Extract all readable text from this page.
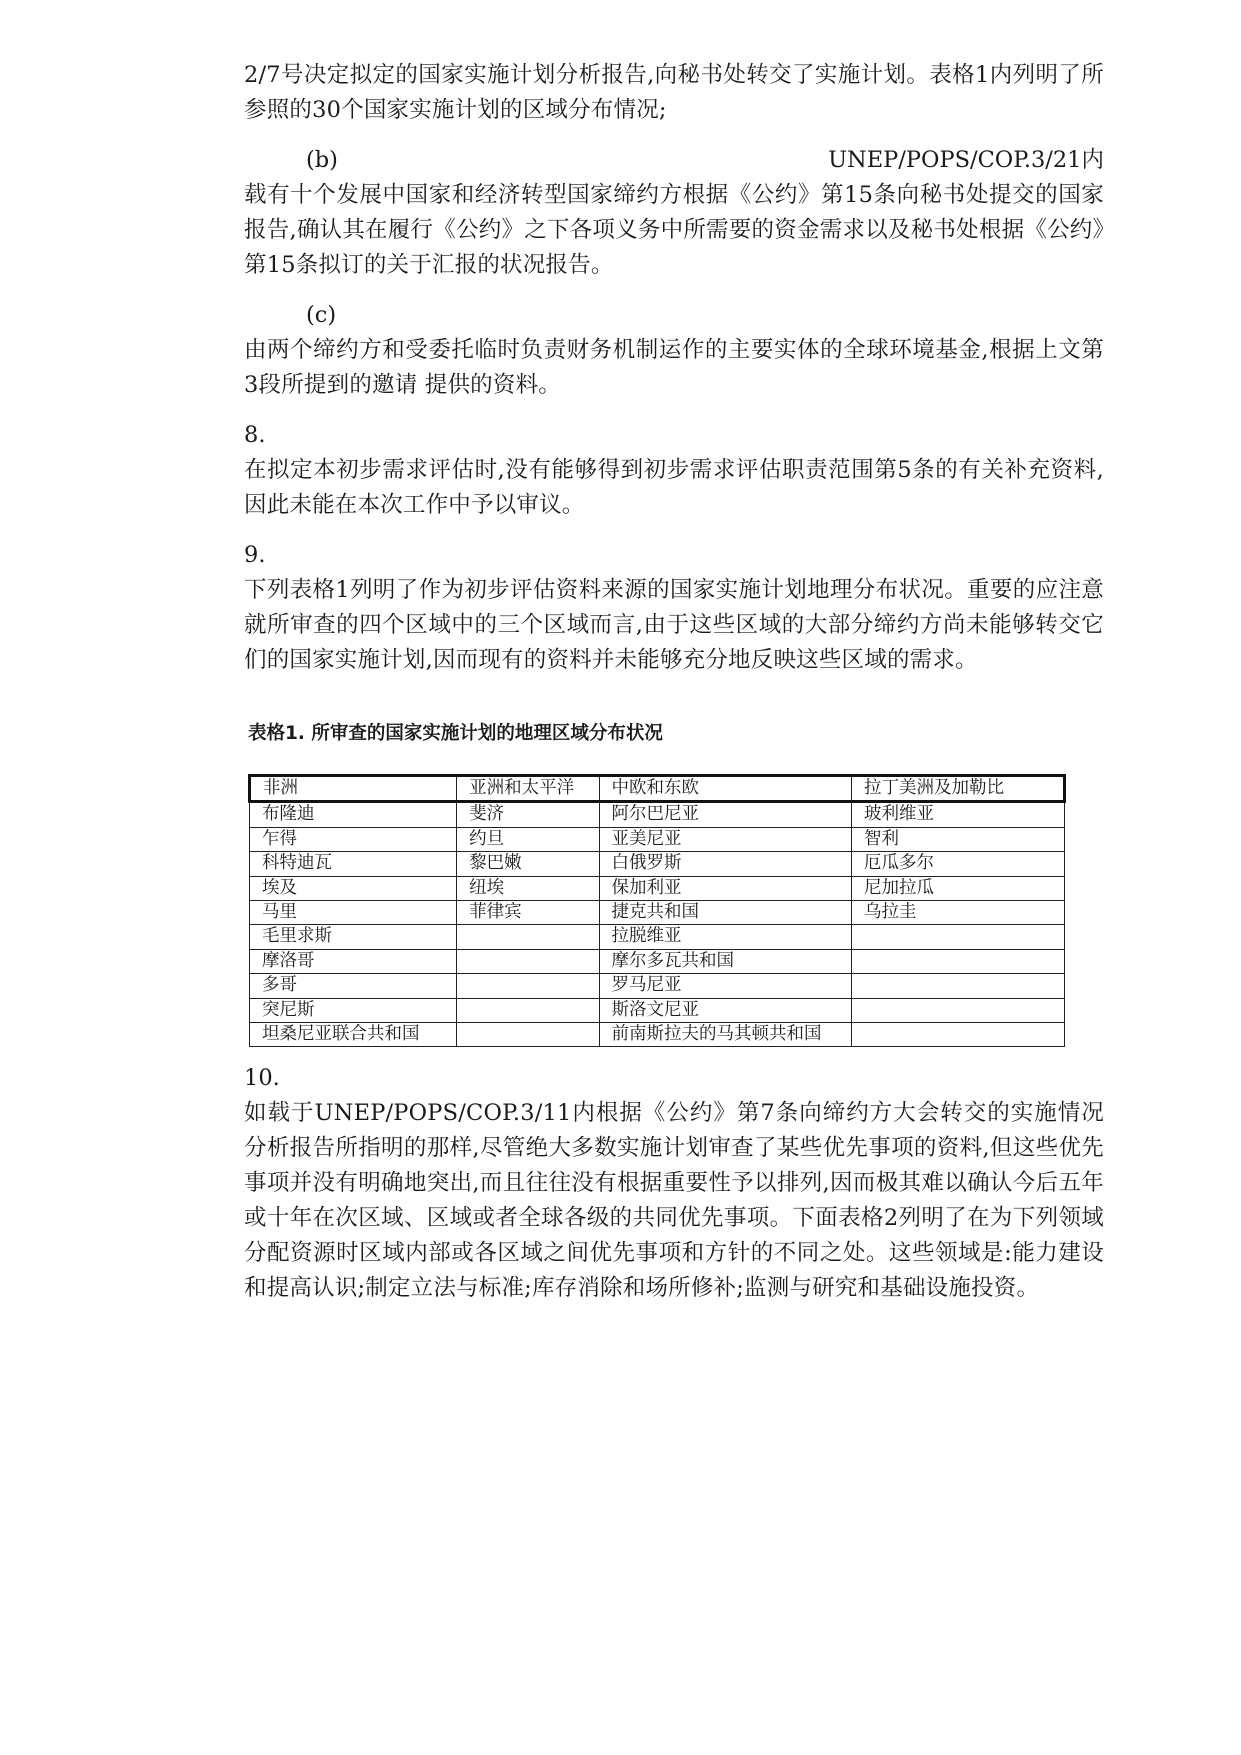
2/7号决定拟定的国家实施计划分析报告,向秘书处转交了实施计划。表格1内列明了所参照的30个国家实施计划的区域分布情况;

(b)	UNEP/POPS/COP.3/21内

载有十个发展中国家和经济转型国家缔约方根据《公约》第15条向秘书处提交的国家报告,确认其在履行《公约》之下各项义务中所需要的资金需求以及秘书处根据《公约》第15条拟订的关于汇报的状况报告。

(c)

由两个缔约方和受委托临时负责财务机制运作的主要实体的全球环境基金,根据上文第3段所提到的邀请 提供的资料。

8.

在拟定本初步需求评估时,没有能够得到初步需求评估职责范围第5条的有关补充资料,因此未能在本次工作中予以审议。

9.

下列表格1列明了作为初步评估资料来源的国家实施计划地理分布状况。重要的应注意就所审查的四个区域中的三个区域而言,由于这些区域的大部分缔约方尚未能够转交它们的国家实施计划,因而现有的资料并未能够充分地反映这些区域的需求。

表格1. 所审查的国家实施计划的地理区域分布状况
非洲	亚洲和太平洋	中欧和东欧	拉丁美洲及加勒比
布隆迪	斐济	阿尔巴尼亚	玻利维亚
乍得	约旦	亚美尼亚	智利
科特迪瓦	黎巴嫩	白俄罗斯	厄瓜多尔
埃及	纽埃	保加利亚	尼加拉瓜
马里	菲律宾	捷克共和国	乌拉圭
毛里求斯		拉脱维亚	
摩洛哥		摩尔多瓦共和国	
多哥		罗马尼亚	
突尼斯		斯洛文尼亚	
坦桑尼亚联合共和国		前南斯拉夫的马其顿共和国	

10.

如载于UNEP/POPS/COP.3/11内根据《公约》第7条向缔约方大会转交的实施情况分析报告所指明的那样,尽管绝大多数实施计划审查了某些优先事项的资料,但这些优先事项并没有明确地突出,而且往往没有根据重要性予以排列,因而极其难以确认今后五年或十年在次区域、区域或者全球各级的共同优先事项。下面表格2列明了在为下列领域分配资源时区域内部或各区域之间优先事项和方针的不同之处。这些领域是:能力建设和提高认识;制定立法与标准;库存消除和场所修补;监测与研究和基础设施投资。
